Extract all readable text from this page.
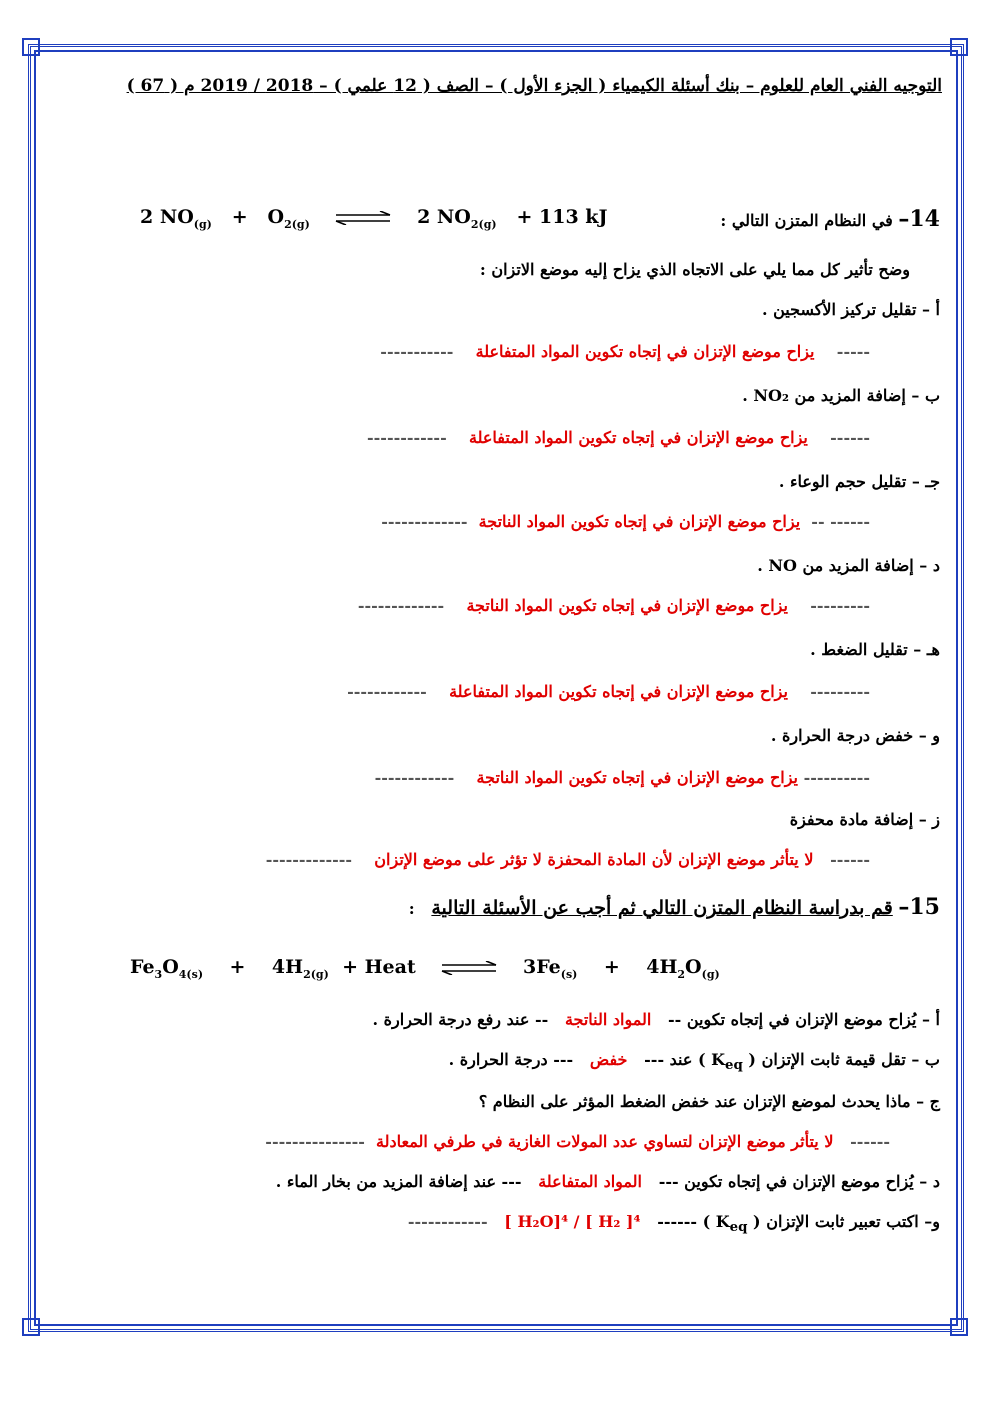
التوجيه الفني العام للعلوم – بنك أسئلة الكيمياء ( الجزء الأول ) – الصف ( 12 علمي ) – 2018 / 2019 م ( 67 )
14– في النظام المتزن التالي :
2 $NO_{(g)} + O_{2(g)}$ ⇌ 2 $NO_{2(g)} + 113$ kJ
وضح تأثير كل مما يلي على الاتجاه الذي يزاح إليه موضع الاتزان :
أ – تقليل تركيز الأكسجين .
-----    يزاح موضع الإتزان في إتجاه تكوين المواد المتفاعلة    -----------
ب – إضافة المزيد من NO₂ .
------    يزاح موضع الإتزان في إتجاه تكوين المواد المتفاعلة    ------------
جـ – تقليل حجم الوعاء .
------ --  يزاح موضع الإتزان في إتجاه تكوين المواد الناتجة  -------------
د – إضافة المزيد من NO .
---------    يزاح موضع الإتزان في إتجاه تكوين المواد الناتجة    -------------
هـ – تقليل الضغط .
---------    يزاح موضع الإتزان في إتجاه تكوين المواد المتفاعلة    ------------
و – خفض درجة الحرارة .
---------- يزاح موضع الإتزان في إتجاه تكوين المواد الناتجة    ------------
ز – إضافة مادة محفزة
------   لا يتأثر موضع الإتزان لأن المادة المحفزة لا تؤثر على موضع الإتزان    -------------
15– قم بدراسة النظام المتزن التالي ثم أجب عن الأسئلة التالية   :
$Fe_3O_{4(s)} + 4H_{2(g)}$ + Heat ⇌ $3Fe_{(s)} + 4H_2O_{(g)}$
أ – يُزاح موضع الإتزان في إتجاه تكوين --   المواد الناتجة   -- عند رفع درجة الحرارة .
ب – تقل قيمة ثابت الإتزان ( $K_{eq}$ ) عند ---   خفض   --- درجة الحرارة .
ج – ماذا يحدث لموضع الإتزان عند خفض الضغط المؤثر على النظام ؟
------   لا يتأثر موضع الإتزان لتساوي عدد المولات الغازية في طرفي المعادلة  ---------------
د – يُزاح موضع الإتزان في إتجاه تكوين ---   المواد المتفاعلة   --- عند إضافة المزيد من بخار الماء .
و– اكتب تعبير ثابت الإتزان ( $K_{eq}$ ) ------   [ H₂O]⁴ / [ H₂ ]⁴   ------------
